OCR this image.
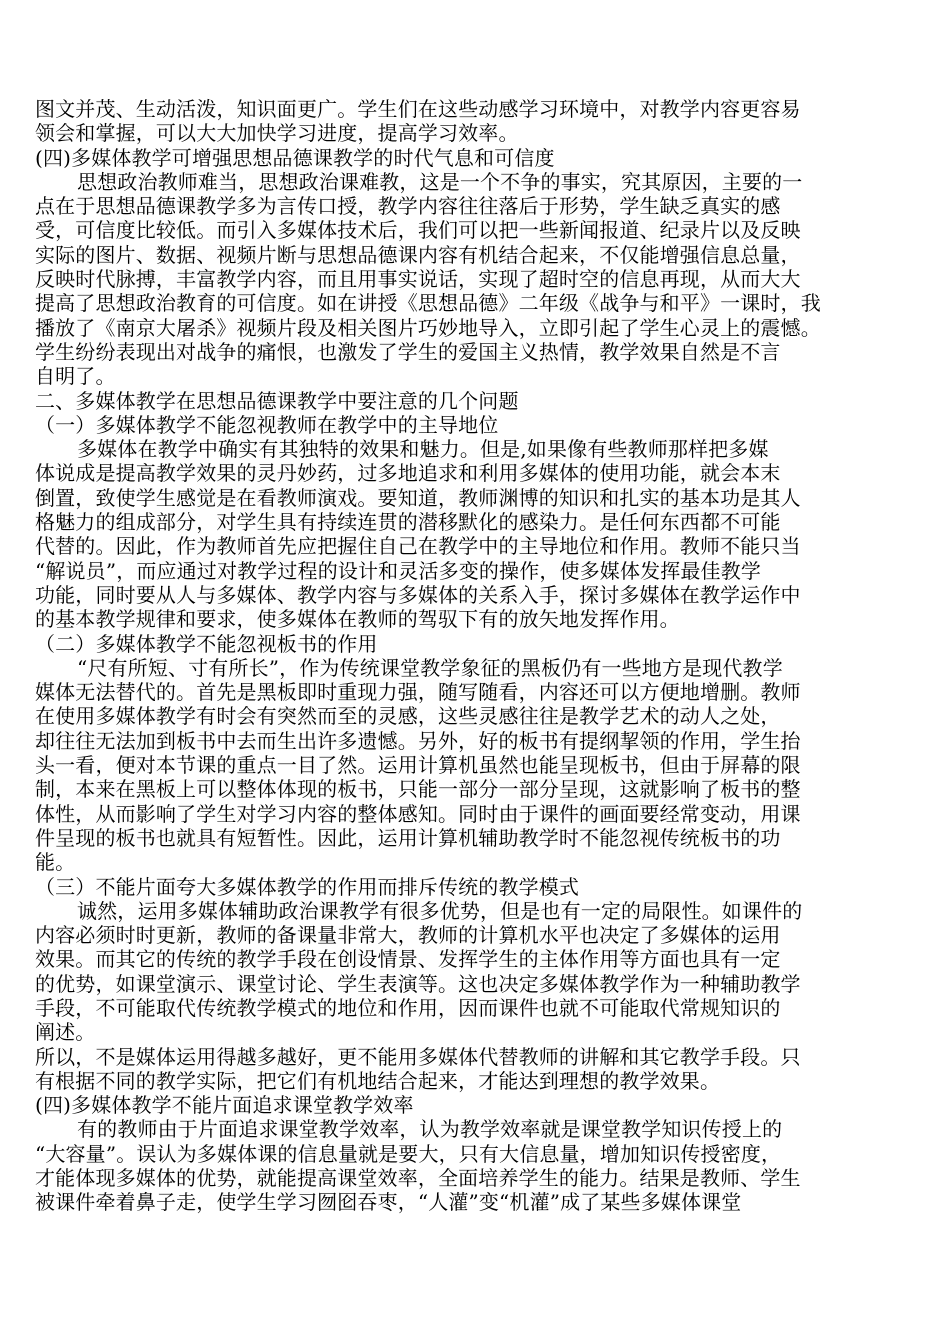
图文并茂、生动活泼，知识面更广。学生们在这些动感学习环境中，对教学内容更容易
领会和掌握，可以大大加快学习进度，提高学习效率。
(四)多媒体教学可增强思想品德课教学的时代气息和可信度
思想政治教师难当，思想政治课难教，这是一个不争的事实，究其原因，主要的一
点在于思想品德课教学多为言传口授，教学内容往往落后于形势，学生缺乏真实的感
受，可信度比较低。而引入多媒体技术后，我们可以把一些新闻报道、纪录片以及反映
实际的图片、数据、视频片断与思想品德课内容有机结合起来，不仅能增强信息总量，
反映时代脉搏，丰富教学内容，而且用事实说话，实现了超时空的信息再现，从而大大
提高了思想政治教育的可信度。如在讲授《思想品德》二年级《战争与和平》一课时，我
播放了《南京大屠杀》视频片段及相关图片巧妙地导入，立即引起了学生心灵上的震憾。
学生纷纷表现出对战争的痛恨，也激发了学生的爱国主义热情，教学效果自然是不言
自明了。
二、多媒体教学在思想品德课教学中要注意的几个问题
（一）多媒体教学不能忽视教师在教学中的主导地位
多媒体在教学中确实有其独特的效果和魅力。但是,如果像有些教师那样把多媒
体说成是提高教学效果的灵丹妙药，过多地追求和利用多媒体的使用功能，就会本末
倒置，致使学生感觉是在看教师演戏。要知道，教师渊博的知识和扎实的基本功是其人
格魅力的组成部分，对学生具有持续连贯的潜移默化的感染力。是任何东西都不可能
代替的。因此，作为教师首先应把握住自己在教学中的主导地位和作用。教师不能只当
“解说员”，而应通过对教学过程的设计和灵活多变的操作，使多媒体发挥最佳教学
功能，同时要从人与多媒体、教学内容与多媒体的关系入手，探讨多媒体在教学运作中
的基本教学规律和要求，使多媒体在教师的驾驭下有的放矢地发挥作用。
（二）多媒体教学不能忽视板书的作用
“尺有所短、寸有所长”，作为传统课堂教学象征的黑板仍有一些地方是现代教学
媒体无法替代的。首先是黑板即时重现力强，随写随看，内容还可以方便地增删。教师
在使用多媒体教学有时会有突然而至的灵感，这些灵感往往是教学艺术的动人之处，
却往往无法加到板书中去而生出许多遗憾。另外，好的板书有提纲挈领的作用，学生抬
头一看，便对本节课的重点一目了然。运用计算机虽然也能呈现板书，但由于屏幕的限
制，本来在黑板上可以整体体现的板书，只能一部分一部分呈现，这就影响了板书的整
体性，从而影响了学生对学习内容的整体感知。同时由于课件的画面要经常变动，用课
件呈现的板书也就具有短暂性。因此，运用计算机辅助教学时不能忽视传统板书的功
能。
（三）不能片面夸大多媒体教学的作用而排斥传统的教学模式
诚然，运用多媒体辅助政治课教学有很多优势，但是也有一定的局限性。如课件的
内容必须时时更新，教师的备课量非常大，教师的计算机水平也决定了多媒体的运用
效果。而其它的传统的教学手段在创设情景、发挥学生的主体作用等方面也具有一定
的优势，如课堂演示、课堂讨论、学生表演等。这也决定多媒体教学作为一种辅助教学
手段，不可能取代传统教学模式的地位和作用，因而课件也就不可能取代常规知识的
阐述。
所以，不是媒体运用得越多越好，更不能用多媒体代替教师的讲解和其它教学手段。只
有根据不同的教学实际，把它们有机地结合起来，才能达到理想的教学效果。
(四)多媒体教学不能片面追求课堂教学效率
有的教师由于片面追求课堂教学效率，认为教学效率就是课堂教学知识传授上的
“大容量”。误认为多媒体课的信息量就是要大，只有大信息量，增加知识传授密度，
才能体现多媒体的优势，就能提高课堂效率，全面培养学生的能力。结果是教师、学生
被课件牵着鼻子走，使学生学习囫囵吞枣，“人灌”变“机灌”成了某些多媒体课堂
